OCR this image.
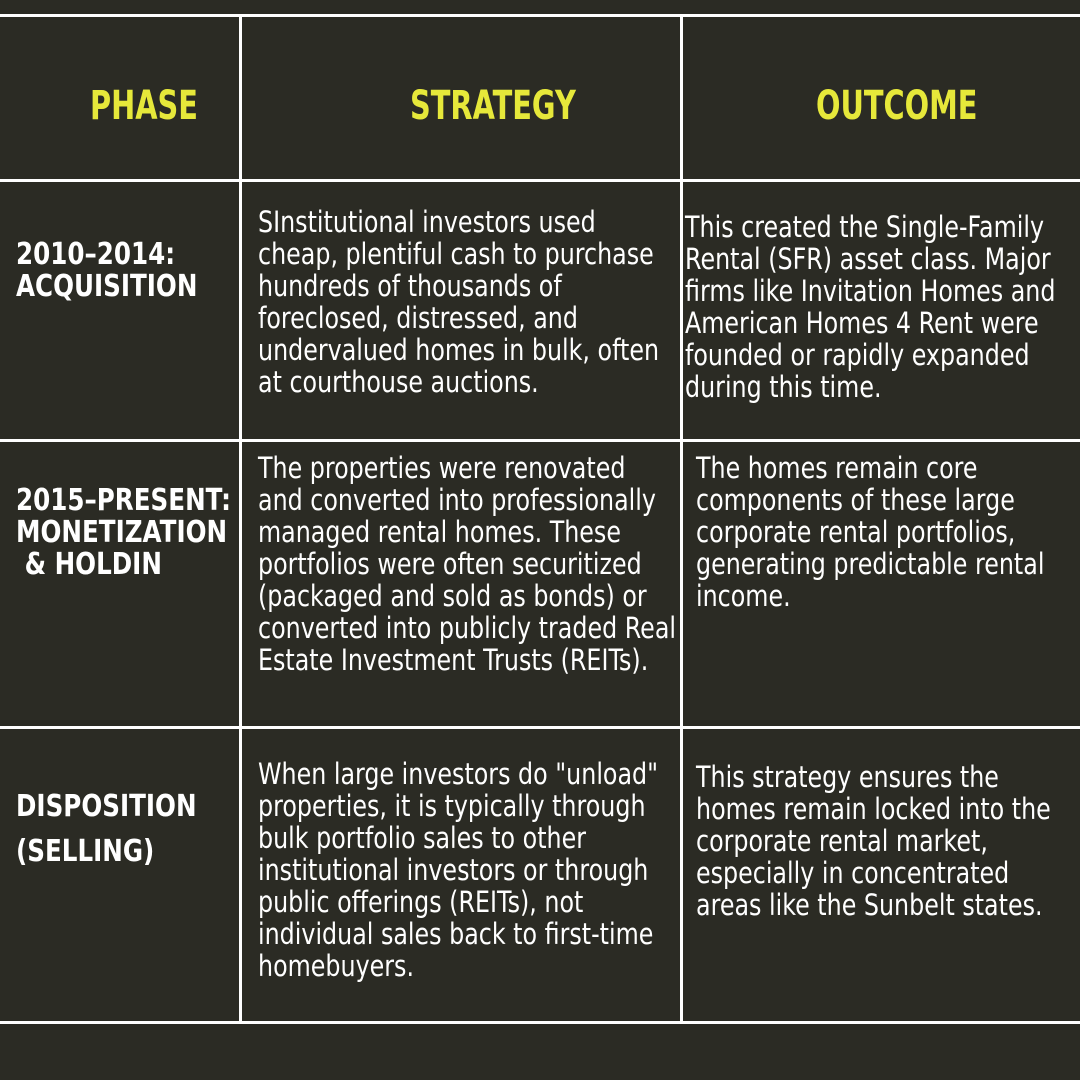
PHASE	STRATEGY	OUTCOME
2010–2014:
ACQUISITION
SInstitutional investors used cheap, plentiful cash to purchase hundreds of thousands of foreclosed, distressed, and undervalued homes in bulk, often at courthouse auctions.
This created the Single-Family Rental (SFR) asset class. Major firms like Invitation Homes and American Homes 4 Rent were founded or rapidly expanded during this time.
2015–PRESENT:
MONETIZATION
& HOLDIN
The properties were renovated and converted into professionally managed rental homes. These portfolios were often securitized (packaged and sold as bonds) or converted into publicly traded Real Estate Investment Trusts (REITs).
The homes remain core components of these large corporate rental portfolios, generating predictable rental income.
DISPOSITION
(SELLING)
When large investors do "unload" properties, it is typically through bulk portfolio sales to other institutional investors or through public offerings (REITs), not individual sales back to first-time homebuyers.
This strategy ensures the homes remain locked into the corporate rental market, especially in concentrated areas like the Sunbelt states.
